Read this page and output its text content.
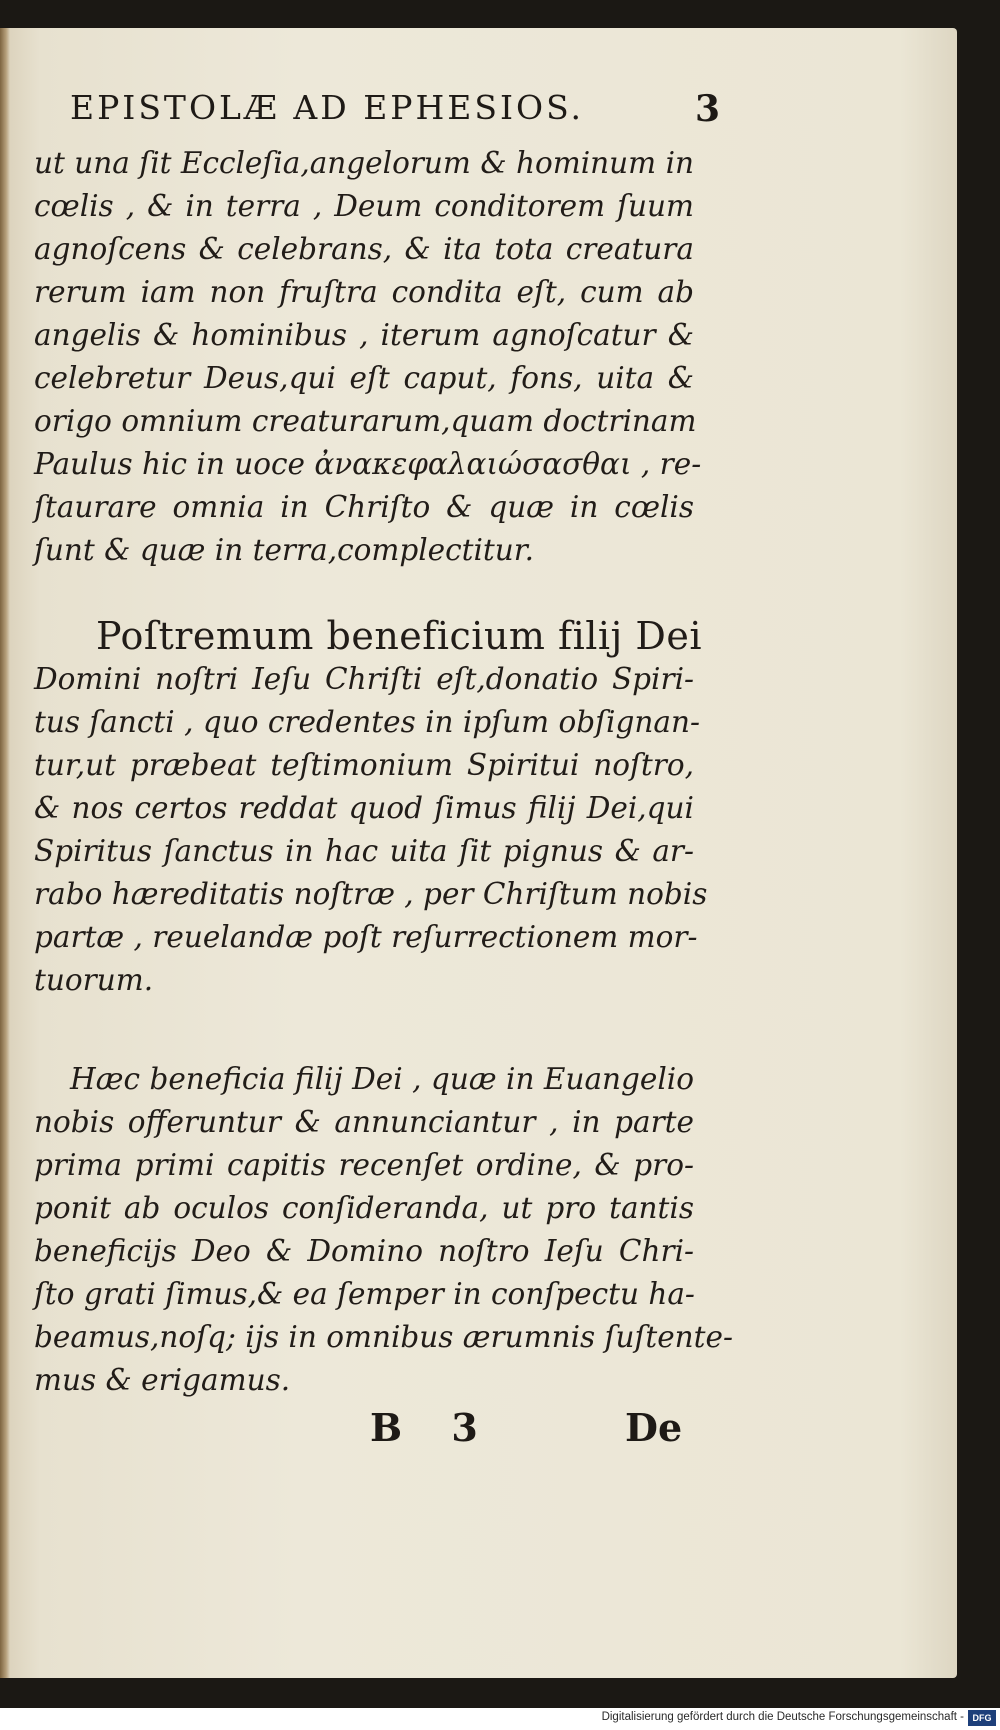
EPISTOLÆ AD EPHESIOS.	3
ut una ſit Eccleſia,angelorum & hominum in
cœlis , & in terra , Deum conditorem ſuum
agnoſcens & celebrans, & ita tota creatura
rerum iam non fruſtra condita eſt, cum ab
angelis & hominibus , iterum agnoſcatur &
celebretur Deus,qui eſt caput, fons, uita &
origo omnium creaturarum,quam doctrinam
Paulus hic in uoce ἀνακεφαλαιώσασθαι , re-
ſtaurare omnia in Chriſto & quæ in cœlis
ſunt & quæ in terra,complectitur.
Poſtremum beneficium filij Dei
Domini noſtri Ieſu Chriſti eſt,donatio Spiri-
tus ſancti , quo credentes in ipſum obſignan-
tur,ut præbeat teſtimonium Spiritui noſtro,
& nos certos reddat quod ſimus filij Dei,qui
Spiritus ſanctus in hac uita ſit pignus & ar-
rabo hæreditatis noſtræ , per Chriſtum nobis
partæ , reuelandæ poſt reſurrectionem mor-
tuorum.
Hæc beneficia filij Dei , quæ in Euangelio
nobis offeruntur & annunciantur , in parte
prima primi capitis recenſet ordine, & pro-
ponit ab oculos conſideranda, ut pro tantis
beneficijs Deo & Domino noſtro Ieſu Chri-
ſto grati ſimus,& ea ſemper in conſpectu ha-
beamus,noſq; ijs in omnibus ærumnis ſuſtente-
mus & erigamus.
B 3	De
Digitalisierung gefördert durch die Deutsche Forschungsgemeinschaft - DFG
